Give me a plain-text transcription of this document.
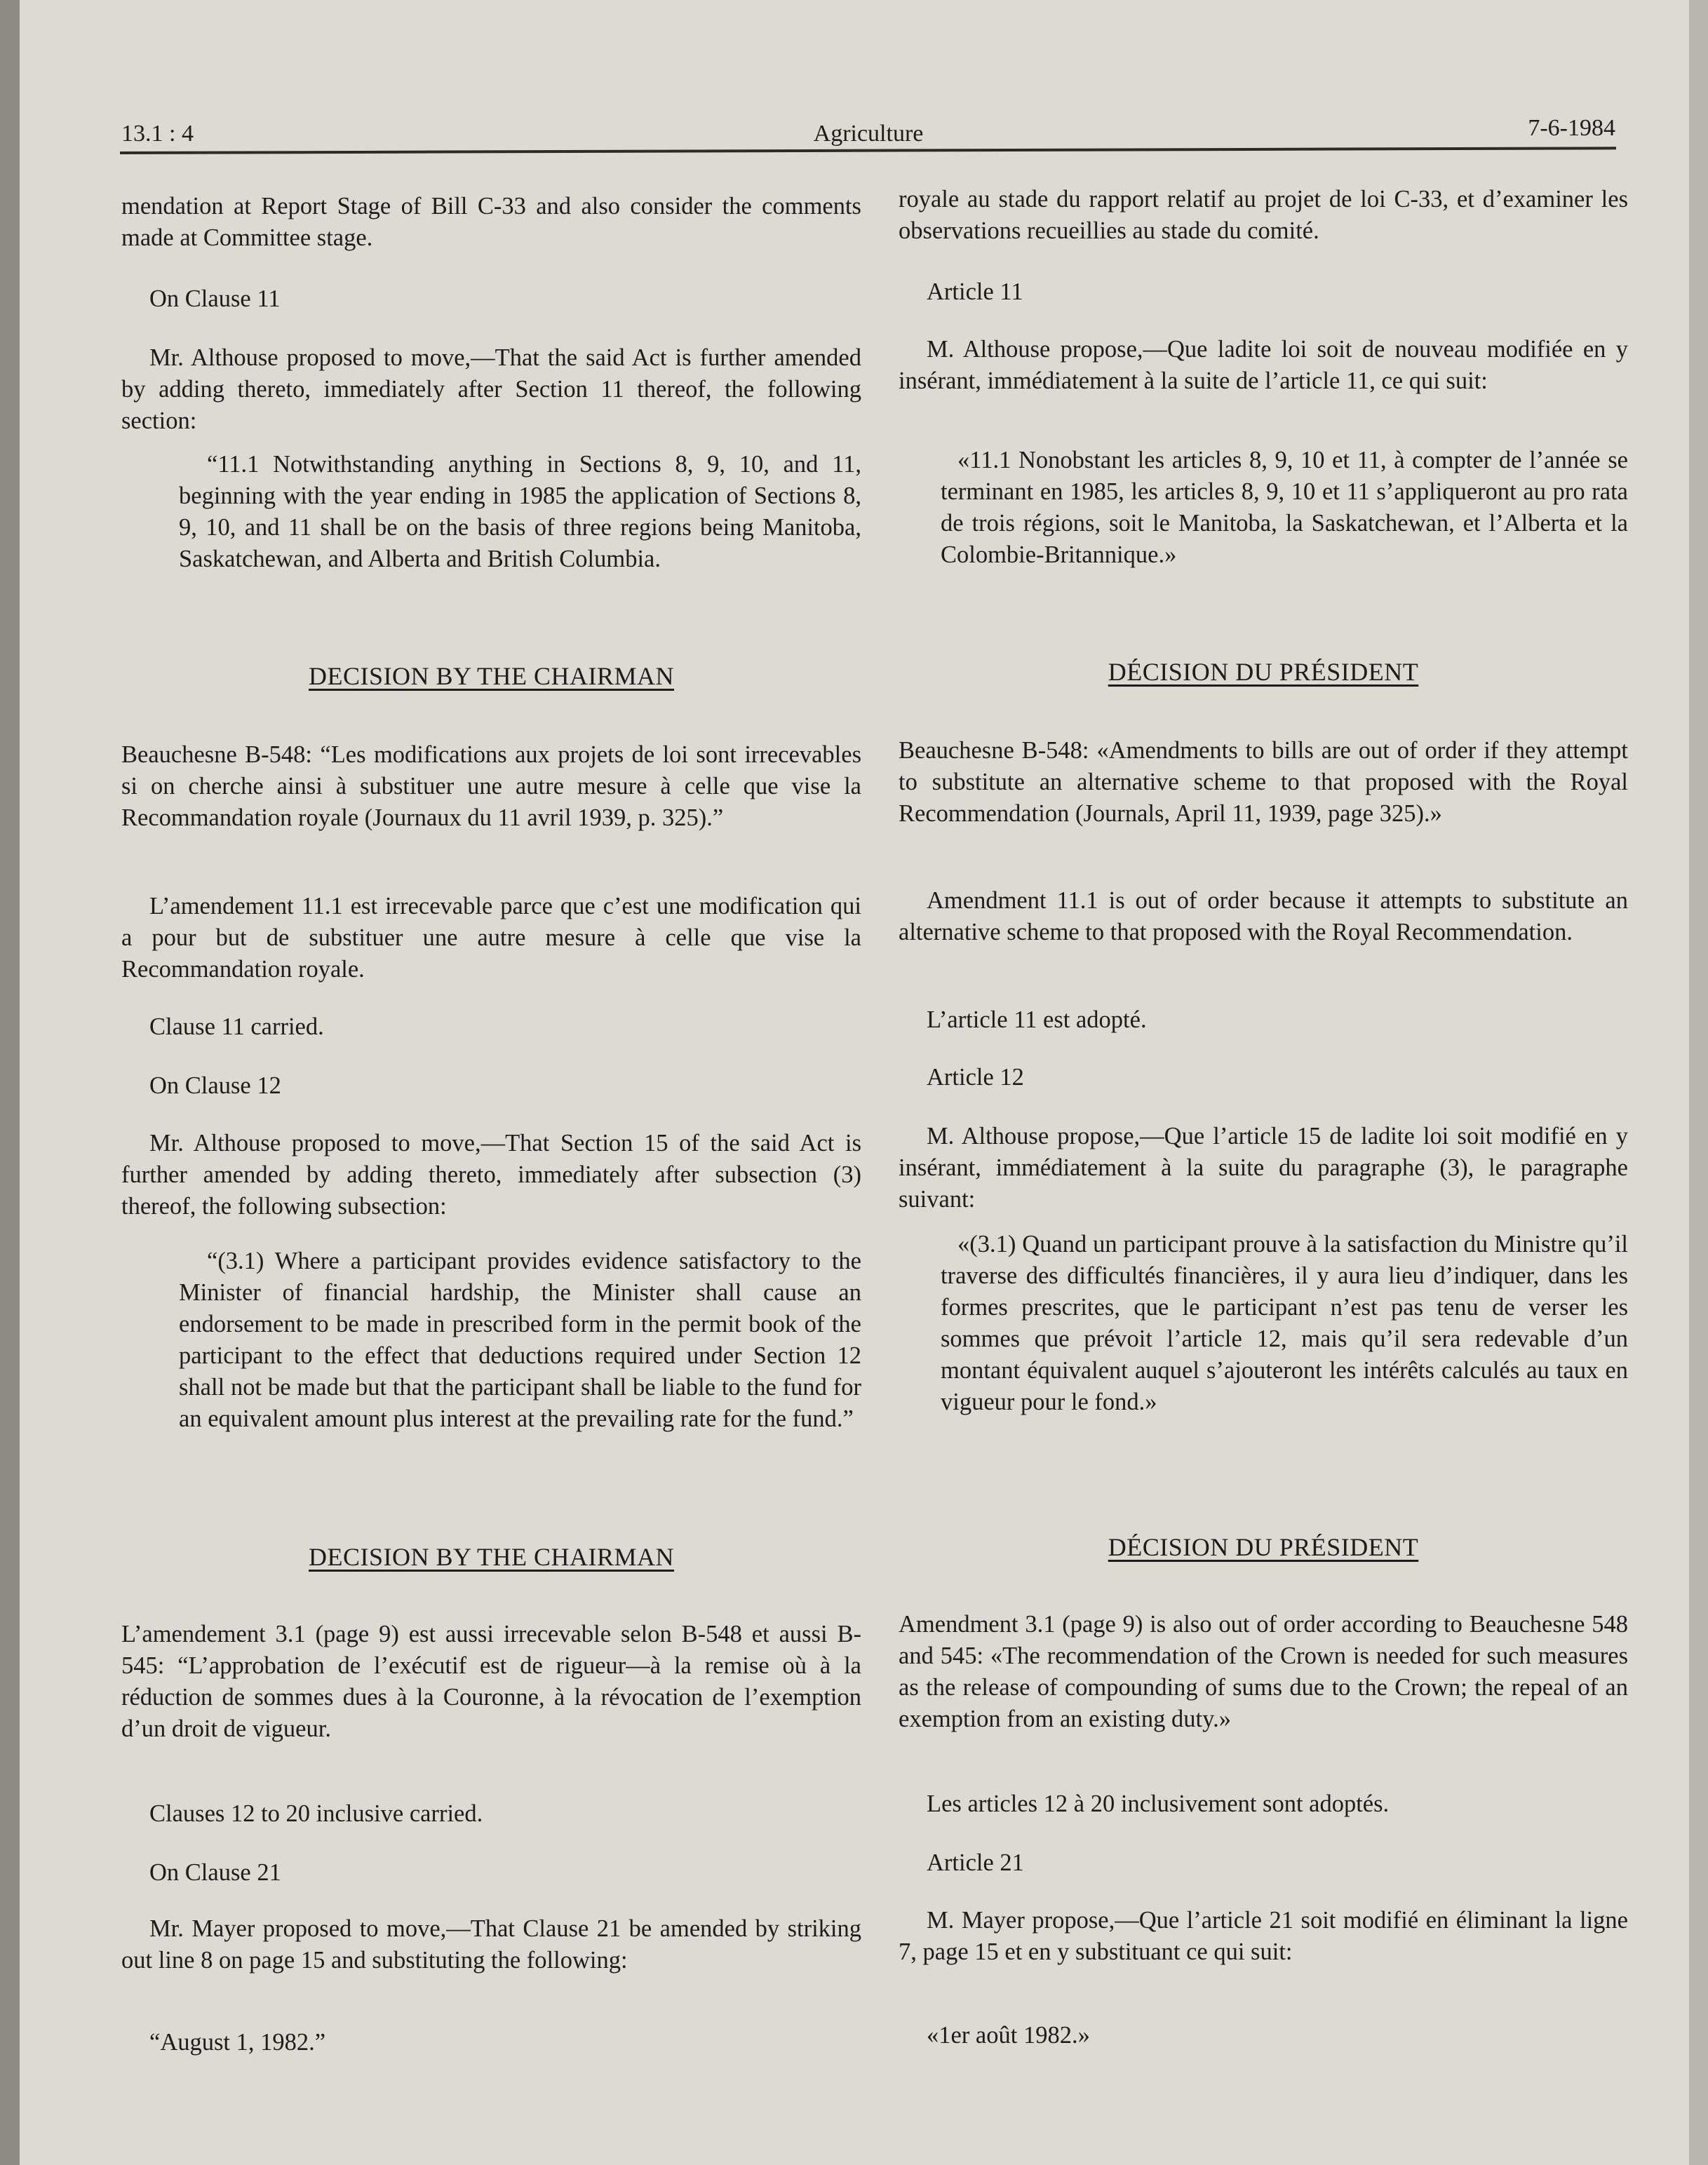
13.1 : 4	Agriculture	7-6-1984

mendation at Report Stage of Bill C-33 and also consider the comments made at Committee stage.

On Clause 11

Mr. Althouse proposed to move,—That the said Act is further amended by adding thereto, immediately after Section 11 thereof, the following section:

“11.1 Notwithstanding anything in Sections 8, 9, 10, and 11, beginning with the year ending in 1985 the application of Sections 8, 9, 10, and 11 shall be on the basis of three regions being Manitoba, Saskatchewan, and Alberta and British Columbia.

DECISION BY THE CHAIRMAN

Beauchesne B-548: “Les modifications aux projets de loi sont irrecevables si on cherche ainsi à substituer une autre mesure à celle que vise la Recommandation royale (Journaux du 11 avril 1939, p. 325).”

L’amendement 11.1 est irrecevable parce que c’est une modification qui a pour but de substituer une autre mesure à celle que vise la Recommandation royale.

Clause 11 carried.

On Clause 12

Mr. Althouse proposed to move,—That Section 15 of the said Act is further amended by adding thereto, immediately after subsection (3) thereof, the following subsection:

“(3.1) Where a participant provides evidence satisfactory to the Minister of financial hardship, the Minister shall cause an endorsement to be made in prescribed form in the permit book of the participant to the effect that deductions required under Section 12 shall not be made but that the participant shall be liable to the fund for an equivalent amount plus interest at the prevailing rate for the fund.”

DECISION BY THE CHAIRMAN

L’amendement 3.1 (page 9) est aussi irrecevable selon B-548 et aussi B-545: “L’approbation de l’exécutif est de rigueur—à la remise où à la réduction de sommes dues à la Couronne, à la révocation de l’exemption d’un droit de vigueur.

Clauses 12 to 20 inclusive carried.

On Clause 21

Mr. Mayer proposed to move,—That Clause 21 be amended by striking out line 8 on page 15 and substituting the following:

“August 1, 1982.”

royale au stade du rapport relatif au projet de loi C-33, et d’examiner les observations recueillies au stade du comité.

Article 11

M. Althouse propose,—Que ladite loi soit de nouveau modifiée en y insérant, immédiatement à la suite de l’article 11, ce qui suit:

«11.1 Nonobstant les articles 8, 9, 10 et 11, à compter de l’année se terminant en 1985, les articles 8, 9, 10 et 11 s’appliqueront au pro rata de trois régions, soit le Manitoba, la Saskatchewan, et l’Alberta et la Colombie-Britannique.»

DÉCISION DU PRÉSIDENT

Beauchesne B-548: «Amendments to bills are out of order if they attempt to substitute an alternative scheme to that proposed with the Royal Recommendation (Journals, April 11, 1939, page 325).»

Amendment 11.1 is out of order because it attempts to substitute an alternative scheme to that proposed with the Royal Recommendation.

L’article 11 est adopté.

Article 12

M. Althouse propose,—Que l’article 15 de ladite loi soit modifié en y insérant, immédiatement à la suite du paragraphe (3), le paragraphe suivant:

«(3.1) Quand un participant prouve à la satisfaction du Ministre qu’il traverse des difficultés financières, il y aura lieu d’indiquer, dans les formes prescrites, que le participant n’est pas tenu de verser les sommes que prévoit l’article 12, mais qu’il sera redevable d’un montant équivalent auquel s’ajouteront les intérêts calculés au taux en vigueur pour le fond.»

DÉCISION DU PRÉSIDENT

Amendment 3.1 (page 9) is also out of order according to Beauchesne 548 and 545: «The recommendation of the Crown is needed for such measures as the release of compounding of sums due to the Crown; the repeal of an exemption from an existing duty.»

Les articles 12 à 20 inclusivement sont adoptés.

Article 21

M. Mayer propose,—Que l’article 21 soit modifié en éliminant la ligne 7, page 15 et en y substituant ce qui suit:

«1er août 1982.»
